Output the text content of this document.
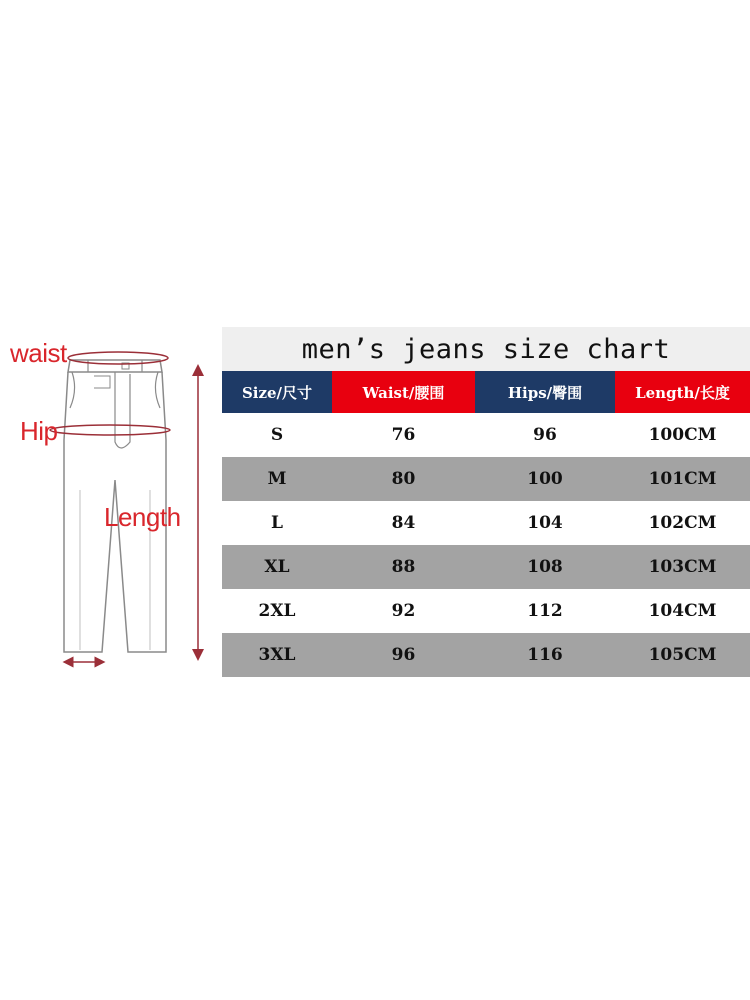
waist
Hip
Length
men’s jeans size chart
Size/尺寸	Waist/腰围	Hips/臀围	Length/长度
S	76	96	100CM
M	80	100	101CM
L	84	104	102CM
XL	88	108	103CM
2XL	92	112	104CM
3XL	96	116	105CM
